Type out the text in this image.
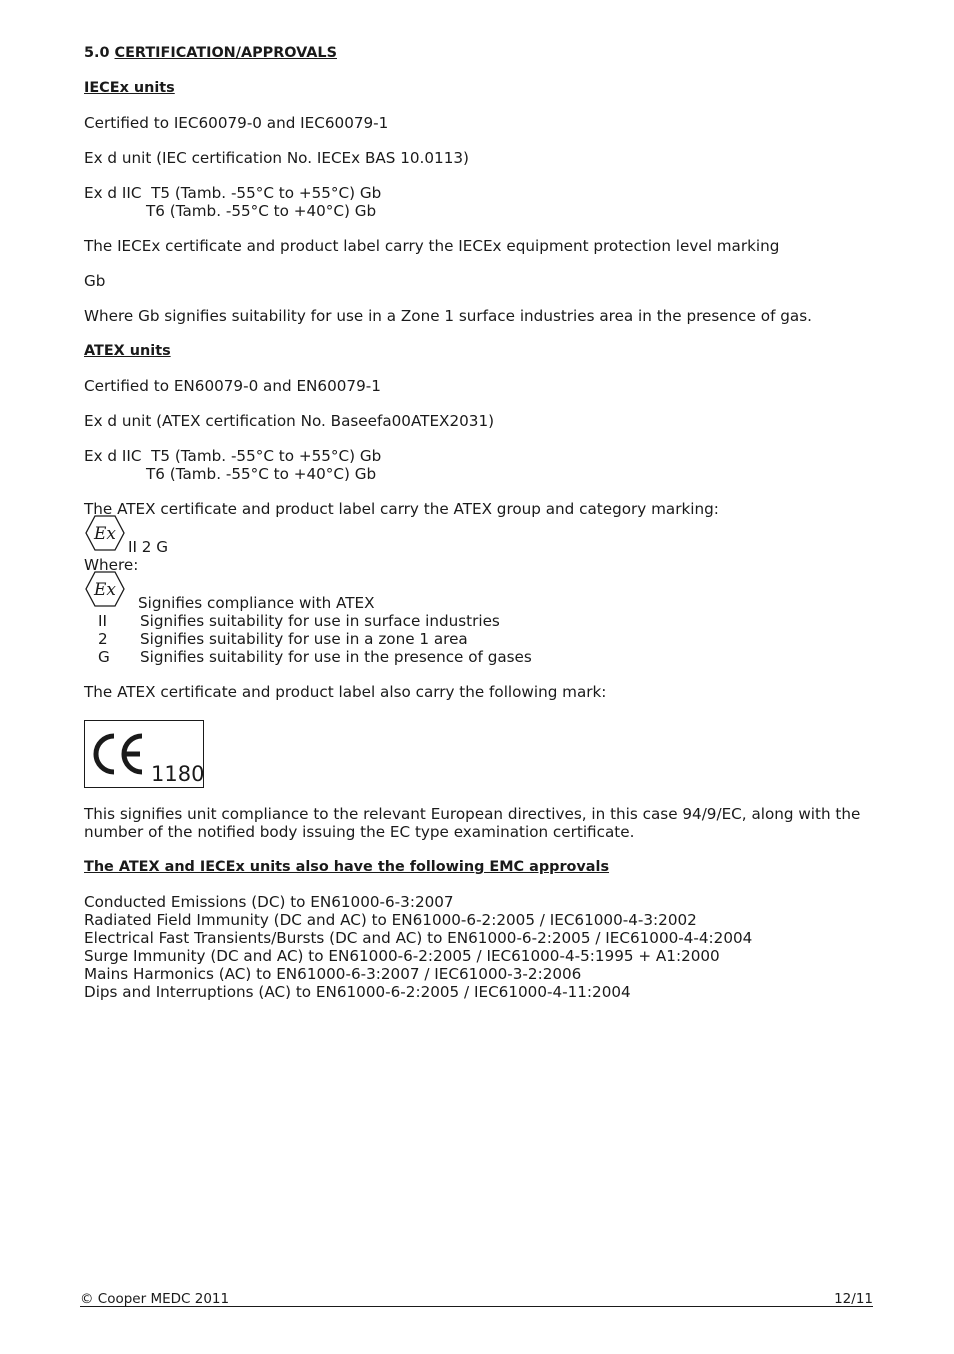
5.0 CERTIFICATION/APPROVALS

IECEx units

Certified to IEC60079-0 and IEC60079-1

Ex d unit (IEC certification No. IECEx BAS 10.0113)

Ex d IIC  T5 (Tamb. -55°C to +55°C) Gb

T6 (Tamb. -55°C to +40°C) Gb

The IECEx certificate and product label carry the IECEx equipment protection level marking

Gb

Where Gb signifies suitability for use in a Zone 1 surface industries area in the presence of gas.

ATEX units

Certified to EN60079-0 and EN60079-1

Ex d unit (ATEX certification No. Baseefa00ATEX2031)

Ex d IIC  T5 (Tamb. -55°C to +55°C) Gb

T6 (Tamb. -55°C to +40°C) Gb

The ATEX certificate and product label carry the ATEX group and category marking:

Ex
II 2 G

Where:

Ex
Signifies compliance with ATEX
II	Signifies suitability for use in surface industries
2	Signifies suitability for use in a zone 1 area
G	Signifies suitability for use in the presence of gases

The ATEX certificate and product label also carry the following mark:

1180

This signifies unit compliance to the relevant European directives, in this case 94/9/EC, along with the number of the notified body issuing the EC type examination certificate.

The ATEX and IECEx units also have the following EMC approvals

Conducted Emissions (DC) to EN61000-6-3:2007

Radiated Field Immunity (DC and AC) to EN61000-6-2:2005 / IEC61000-4-3:2002

Electrical Fast Transients/Bursts (DC and AC) to EN61000-6-2:2005 / IEC61000-4-4:2004

Surge Immunity (DC and AC) to EN61000-6-2:2005 / IEC61000-4-5:1995 + A1:2000

Mains Harmonics (AC) to EN61000-6-3:2007 / IEC61000-3-2:2006

Dips and Interruptions (AC) to EN61000-6-2:2005 / IEC61000-4-11:2004

© Cooper MEDC 2011	12/11
